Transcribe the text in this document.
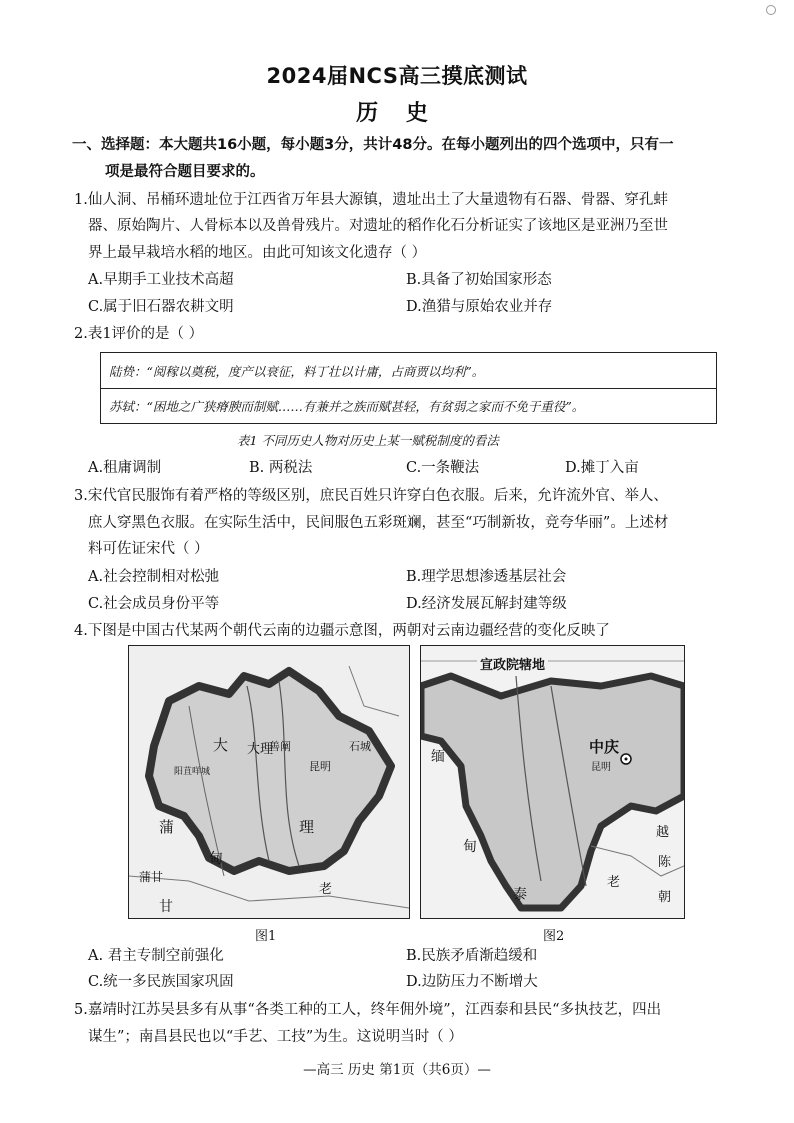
2024届NCS高三摸底测试
历 史
一、选择题：本大题共16小题，每小题3分，共计48分。在每小题列出的四个选项中，只有一
项是最符合题目要求的。
1.仙人洞、吊桶环遗址位于江西省万年县大源镇，遗址出土了大量遗物有石器、骨器、穿孔蚌
器、原始陶片、人骨标本以及兽骨残片。对遗址的稻作化石分析证实了该地区是亚洲乃至世
界上最早栽培水稻的地区。由此可知该文化遗存（ ）
A.早期手工业技术高超	B.具备了初始国家形态
C.属于旧石器农耕文明	D.渔猎与原始农业并存
2.表1评价的是（ ）
陆贽：“阅稼以奠税，度产以衰征，料丁壮以计庸，占商贾以均利”。
苏轼：“困地之广狭瘠腴而制赋……有兼并之族而赋甚轻，有贫弱之家而不免于重役”。
表1 不同历史人物对历史上某一赋税制度的看法
A.租庸调制	B. 两税法	C.一条鞭法	D.摊丁入亩
3.宋代官民服饰有着严格的等级区别，庶民百姓只许穿白色衣服。后来，允许流外官、举人、
庶人穿黑色衣服。在实际生活中，民间服色五彩斑斓，甚至“巧制新妆，竞夸华丽”。上述材
料可佐证宋代（ ）
A.社会控制相对松弛	B.理学思想渗透基层社会
C.社会成员身份平等	D.经济发展瓦解封建等级
4.下图是中国古代某两个朝代云南的边疆示意图，两朝对云南边疆经营的变化反映了
大 大理
理
蒲
甸
蒲甘
甘
昆明
善阐	石城
老
阳苴咩城
图1
宣政院辖地
中庆
昆明
缅
甸
泰
老
越
陈
朝
图2
A. 君主专制空前强化	B.民族矛盾渐趋缓和
C.统一多民族国家巩固	D.边防压力不断增大
5.嘉靖时江苏吴县多有从事“各类工种的工人，终年佣外境”，江西泰和县民“多执技艺，四出
谋生”；南昌县民也以“手艺、工技”为生。这说明当时（ ）
—高三 历史 第1页（共6页）—
